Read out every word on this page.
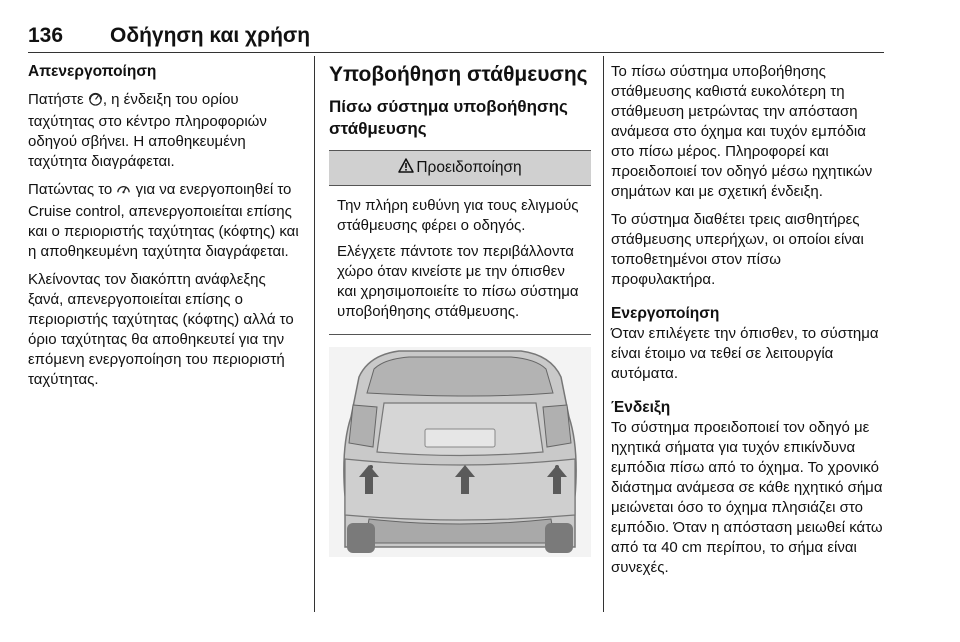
136 Οδήγηση και χρήση
Απενεργοποίηση
Πατήστε , η ένδειξη του ορίου ταχύτητας στο κέντρο πληροφοριών οδηγού σβήνει. Η αποθηκευμένη ταχύτητα διαγράφεται.
Πατώντας το  για να ενεργοποιηθεί το Cruise control, απενεργοποιείται επίσης και ο περιοριστής ταχύτητας (κόφτης) και η αποθηκευμένη ταχύτητα διαγράφεται.
Κλείνοντας τον διακόπτη ανάφλεξης ξανά, απενεργοποιείται επίσης ο περιοριστής ταχύτητας (κόφτης) αλλά το όριο ταχύτητας θα αποθηκευτεί για την επόμενη ενεργοποίηση του περιοριστή ταχύτητας.
Υποβοήθηση στάθμευσης
Πίσω σύστημα υποβοήθησης στάθμευσης
Προειδοποίηση
Την πλήρη ευθύνη για τους ελιγμούς στάθμευσης φέρει ο οδηγός.
Ελέγχετε πάντοτε τον περιβάλλοντα χώρο όταν κινείστε με την όπισθεν και χρησιμοποιείτε το πίσω σύστημα υποβοήθησης στάθμευσης.
Το πίσω σύστημα υποβοήθησης στάθμευσης καθιστά ευκολότερη τη στάθμευση μετρώντας την απόσταση ανάμεσα στο όχημα και τυχόν εμπόδια στο πίσω μέρος. Πληροφορεί και προειδοποιεί τον οδηγό μέσω ηχητικών σημάτων και με σχετική ένδειξη.
Το σύστημα διαθέτει τρεις αισθητήρες στάθμευσης υπερήχων, οι οποίοι είναι τοποθετημένοι στον πίσω προφυλακτήρα.
Ενεργοποίηση
Όταν επιλέγετε την όπισθεν, το σύστημα είναι έτοιμο να τεθεί σε λειτουργία αυτόματα.
Ένδειξη
Το σύστημα προειδοποιεί τον οδηγό με ηχητικά σήματα για τυχόν επικίνδυνα εμπόδια πίσω από το όχημα. Το χρονικό διάστημα ανάμεσα σε κάθε ηχητικό σήμα μειώνεται όσο το όχημα πλησιάζει στο εμπόδιο. Όταν η απόσταση μειωθεί κάτω από τα 40 cm περίπου, το σήμα είναι συνεχές.
